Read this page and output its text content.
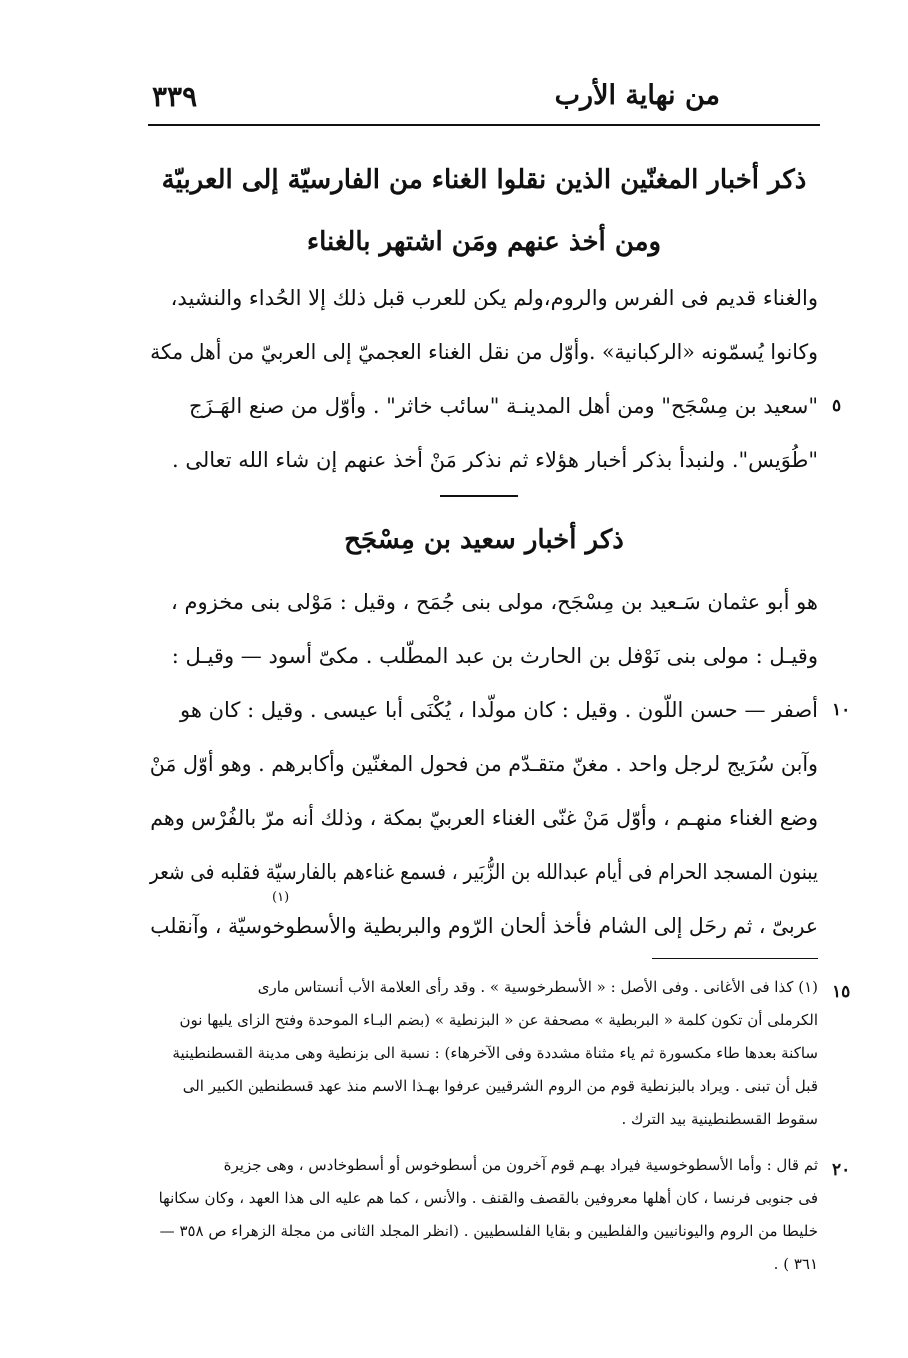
٣٣٩	من نهاية الأرب
ذكر أخبار المغنّين الذين نقلوا الغناء من الفارسيّة إلى العربيّة
ومن أخذ عنهم ومَن اشتهر بالغناء
والغناء قديم فى الفرس والروم،ولم يكن للعرب قبل ذلك إلا الحُداء والنشيد،
وكانوا يُسمّونه «الركبانية» .وأوّل من نقل الغناء العجميّ إلى العربيّ من أهل مكة
"سعيد بن مِسْجَح" ومن أهل المدينـة "سائب خاثر" . وأوّل من صنع الهَـزَج
"طُوَيس". ولنبدأ بذكر أخبار هؤلاء ثم نذكر مَنْ أخذ عنهم إن شاء الله تعالى .
ذكر أخبار سعيد بن مِسْجَح
هو أبو عثمان سَـعيد بن مِسْجَح، مولى بنى جُمَح ، وقيل : مَوْلى بنى مخزوم ،
وقيـل : مولى بنى نَوْفل بن الحارث بن عبد المطّلب . مكىّ أسود — وقيـل :
أصفر — حسن اللّون . وقيل : كان مولّدا ، يُكْنَى أبا عيسى . وقيل : كان هو
وآبن سُرَيج لرجل واحد . مغنّ متقـدّم من فحول المغنّين وأكابرهم . وهو أوّل مَنْ
وضع الغناء منهـم ، وأوّل مَنْ غنّى الغناء العربيّ بمكة ، وذلك أنه مرّ بالفُرْس وهم
يبنون المسجد الحرام فى أيام عبدالله بن الزُّبَير ، فسمع غناءهم بالفارسيّة فقلبه فى شعر
عربىّ ، ثم رحَل إلى الشام فأخذ ألحان الرّوم والبربطية والأسطوخوسيّة ، وآنقلب
(١)
٥
١٠
١٥
٢٠
(١) كذا فى الأغانى . وفى الأصل : « الأسطرخوسية » . وقد رأى العلامة الأب أنستاس مارى
الكرملى أن تكون كلمة « البربطية » مصحفة عن « البزنطية » (بضم البـاء الموحدة وفتح الزاى يليها نون
ساكنة بعدها طاء مكسورة ثم ياء مثناة مشددة وفى الآخرهاء) : نسبة الى بزنطية وهى مدينة القسطنطينية
قبل أن تبنى . ويراد بالبزنطية قوم من الروم الشرقيين عرفوا بهـذا الاسم منذ عهد قسطنطين الكبير الى
سقوط القسطنطينية بيد الترك .
ثم قال : وأما الأسطوخوسية فيراد بهـم قوم آخرون من أسطوخوس أو أسطوخادس ، وهى جزيرة
فى جنوبى فرنسا ، كان أهلها معروفين بالقصف والقنف . والأنس ، كما هم عليه الى هذا العهد ، وكان سكانها
خليطا من الروم واليونانيين والفلطيين و بقايا الفلسطيين . (انظر المجلد الثانى من مجلة الزهراء ص ٣٥٨ —
٣٦١ ) .
